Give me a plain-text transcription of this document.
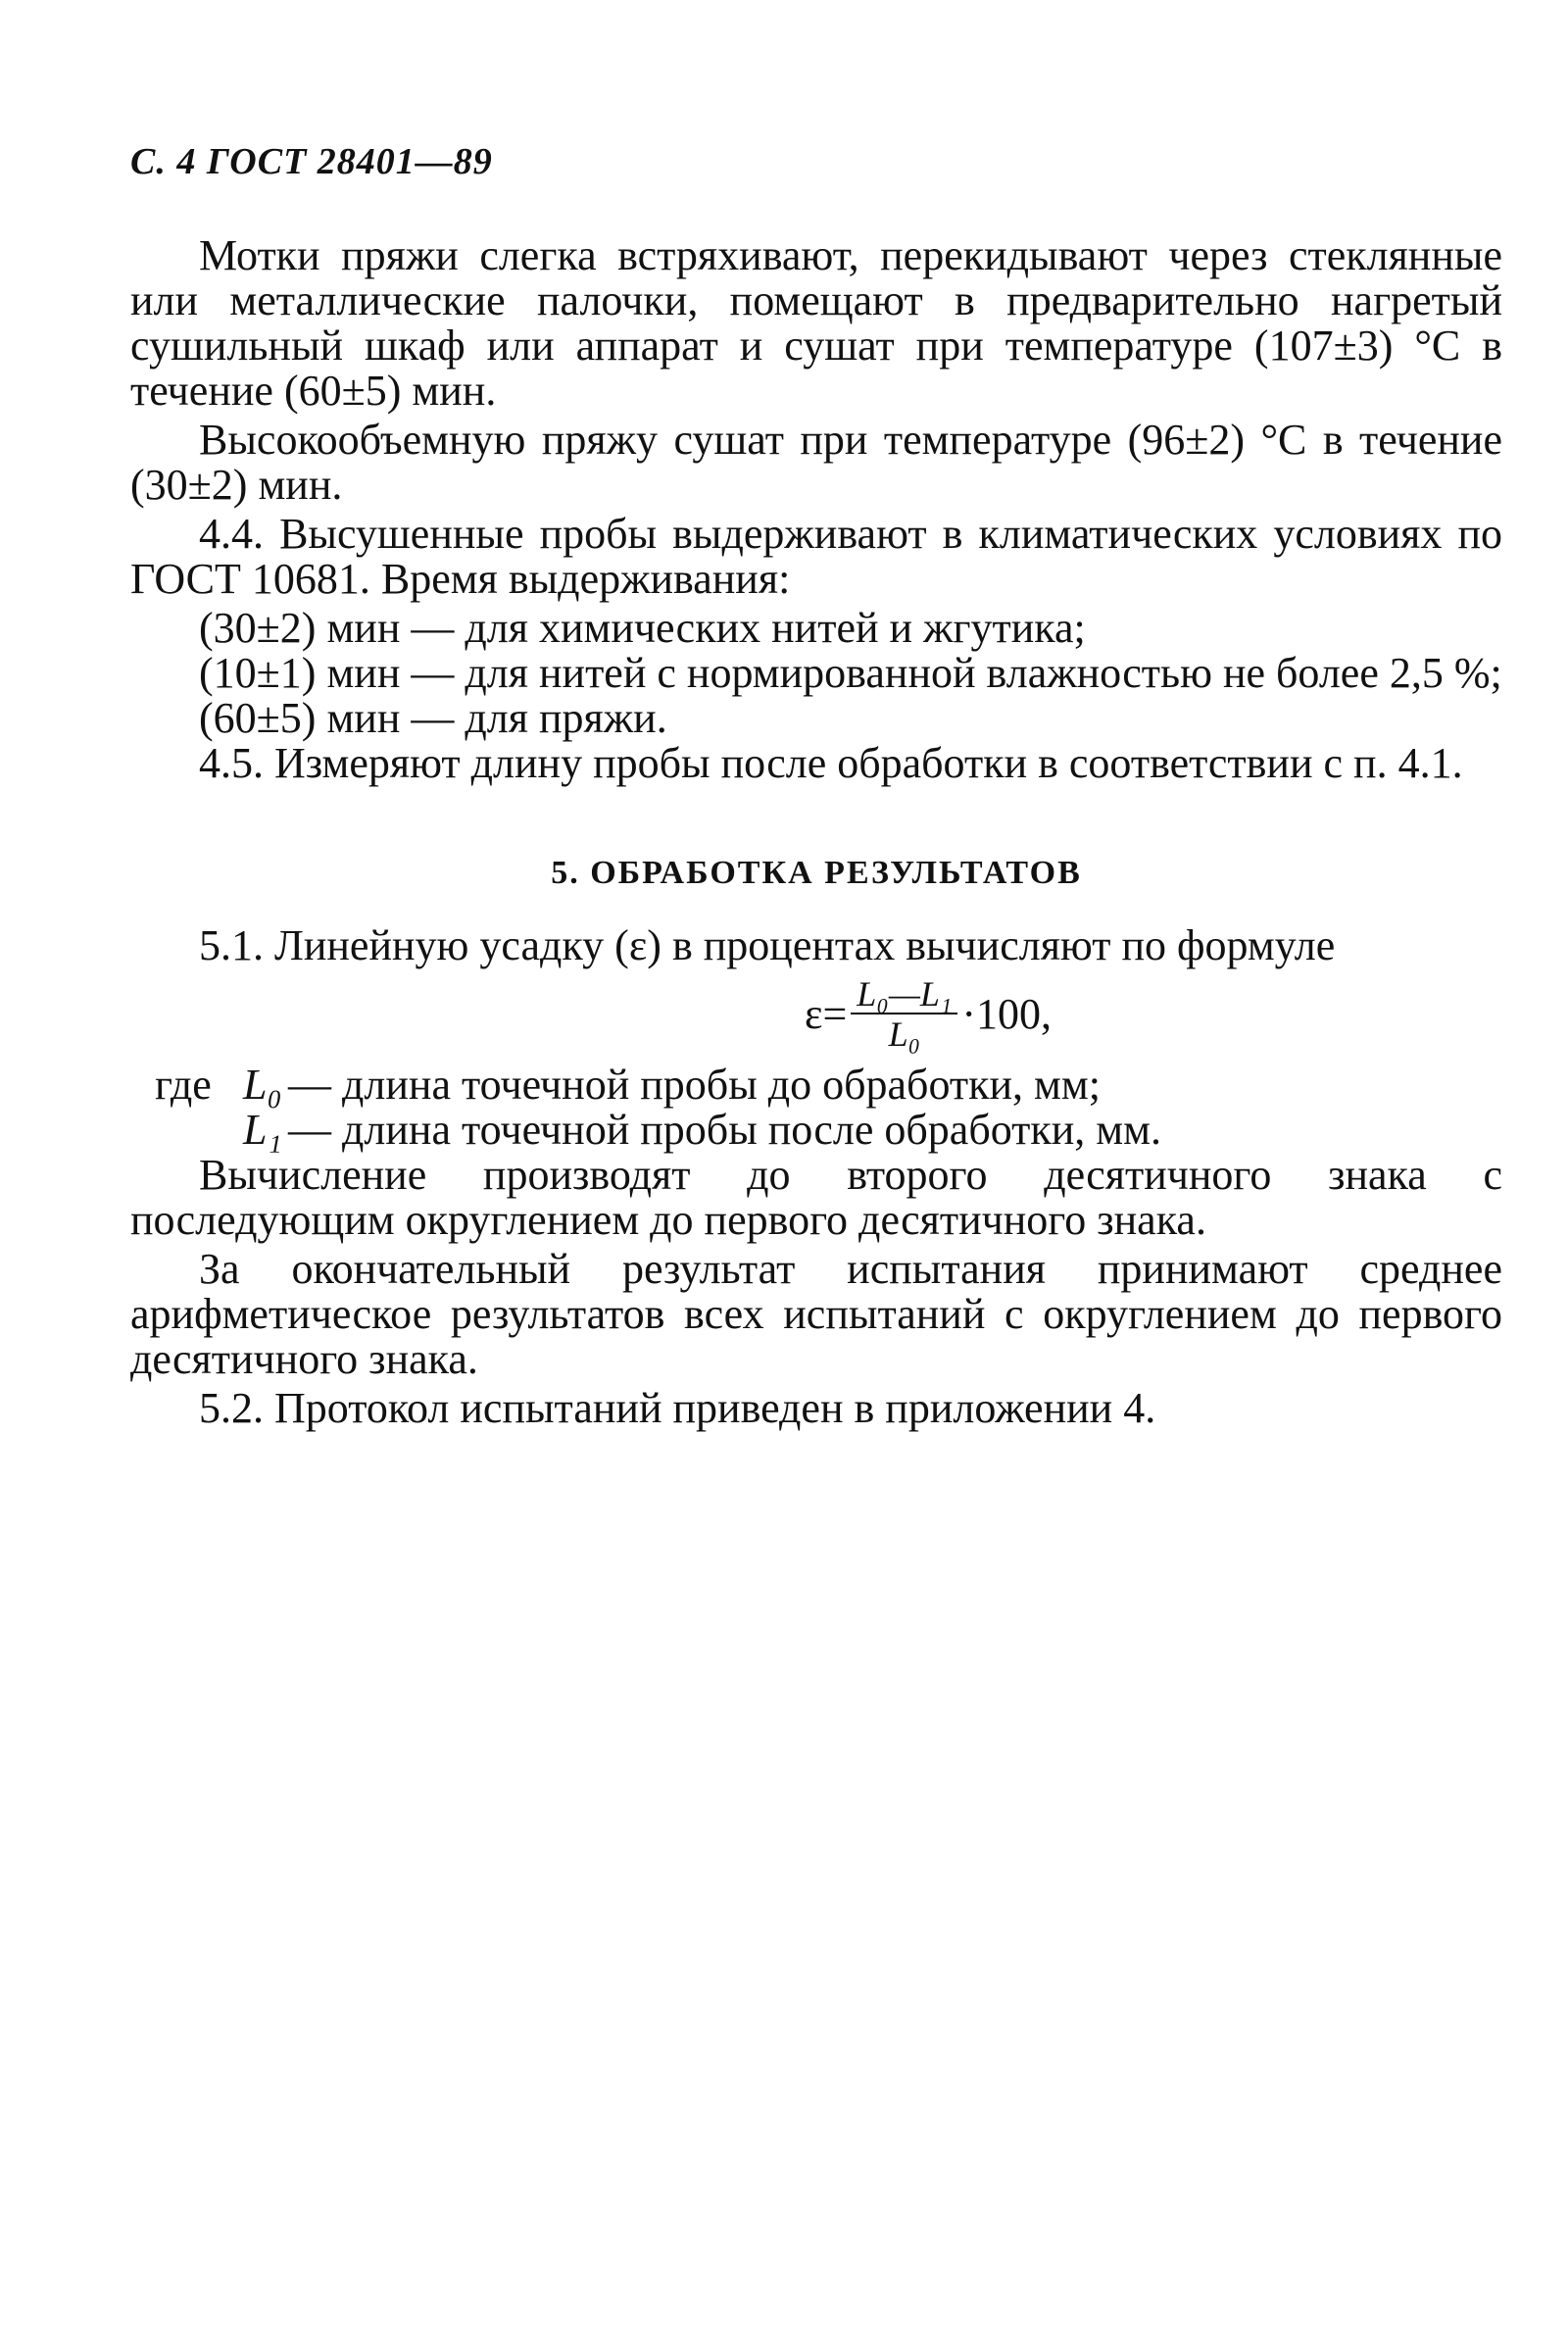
С. 4 ГОСТ 28401—89

Мотки пряжи слегка встряхивают, перекидывают через стеклянные или металлические палочки, помещают в предварительно нагретый сушильный шкаф или аппарат и сушат при температуре (107±3) °С в течение (60±5) мин.

Высокообъемную пряжу сушат при температуре (96±2) °С в течение (30±2) мин.

4.4. Высушенные пробы выдерживают в климатических условиях по ГОСТ 10681. Время выдерживания:

(30±2) мин — для химических нитей и жгутика;

(10±1) мин — для нитей с нормированной влажностью не более 2,5 %;

(60±5) мин — для пряжи.

4.5. Измеряют длину пробы после обработки в соответствии с п. 4.1.

5. ОБРАБОТКА РЕЗУЛЬТАТОВ

5.1. Линейную усадку (ε) в процентах вычисляют по формуле

$\varepsilon= \frac{\text{L₀—L₁}}{\text{L₀}} \cdot 100$,
где L₀ — длина точечной пробы до обработки, мм;
L₁ — длина точечной пробы после обработки, мм.

Вычисление производят до второго десятичного знака с последующим округлением до первого десятичного знака.

За окончательный результат испытания принимают среднее арифметическое результатов всех испытаний с округлением до первого десятичного знака.

5.2. Протокол испытаний приведен в приложении 4.
